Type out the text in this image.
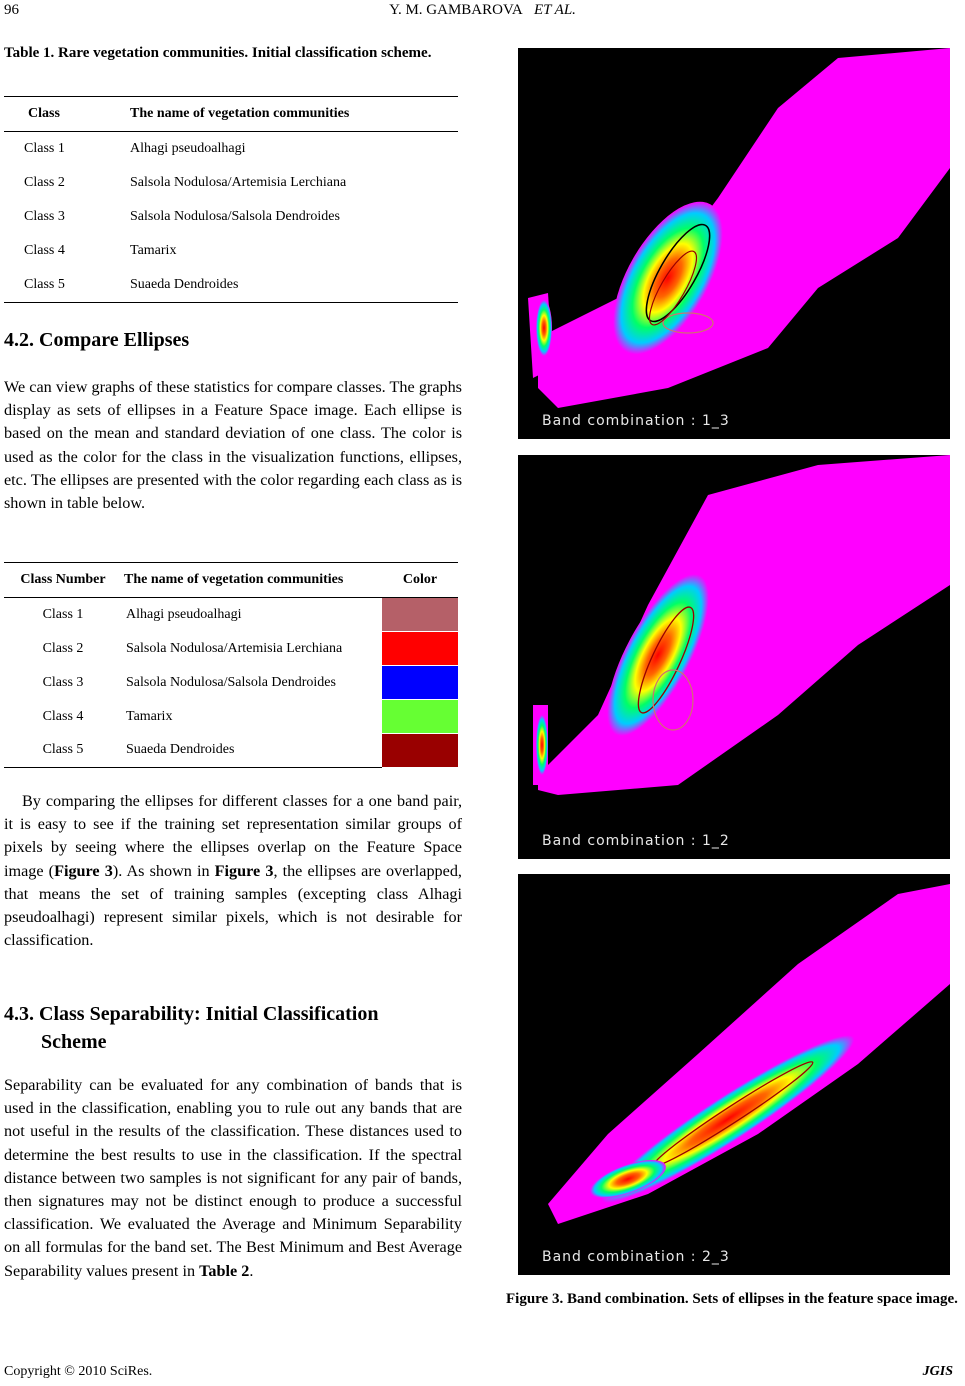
96	Y. M. GAMBAROVA ET AL.
Table 1. Rare vegetation communities. Initial classification scheme.
Class	The name of vegetation communities
Class 1	Alhagi pseudoalhagi
Class 2	Salsola Nodulosa/Artemisia Lerchiana
Class 3	Salsola Nodulosa/Salsola Dendroides
Class 4	Tamarix
Class 5	Suaeda Dendroides
4.2. Compare Ellipses
We can view graphs of these statistics for compare classes. The graphs display as sets of ellipses in a Feature Space image. Each ellipse is based on the mean and standard deviation of one class. The color is used as the color for the class in the visualization functions, ellipses, etc. The ellipses are presented with the color regarding each class as is shown in table below.
Class Number	The name of vegetation communities	Color
Class 1	Alhagi pseudoalhagi	
Class 2	Salsola Nodulosa/Artemisia Lerchiana	
Class 3	Salsola Nodulosa/Salsola Dendroides	
Class 4	Tamarix	
Class 5	Suaeda Dendroides	
By comparing the ellipses for different classes for a one band pair, it is easy to see if the training set representation similar groups of pixels by seeing where the ellipses overlap on the Feature Space image (Figure 3). As shown in Figure 3, the ellipses are overlapped, that means the set of training samples (excepting class Alhagi pseudoalhagi) represent similar pixels, which is not desirable for classification.
4.3. Class Separability: Initial Classification
Scheme
Separability can be evaluated for any combination of bands that is used in the classification, enabling you to rule out any bands that are not useful in the results of the classification. These distances used to determine the best results to use in the classification. If the spectral distance between two samples is not significant for any pair of bands, then signatures may not be distinct enough to produce a successful classification. We evaluated the Average and Minimum Separability on all formulas for the band set. The Best Minimum and Best Average Separability values present in Table 2.
Band combination : 1_3
Band combination : 1_2
Band combination : 2_3
Figure 3. Band combination. Sets of ellipses in the feature space image.
Copyright © 2010 SciRes.	JGIS
